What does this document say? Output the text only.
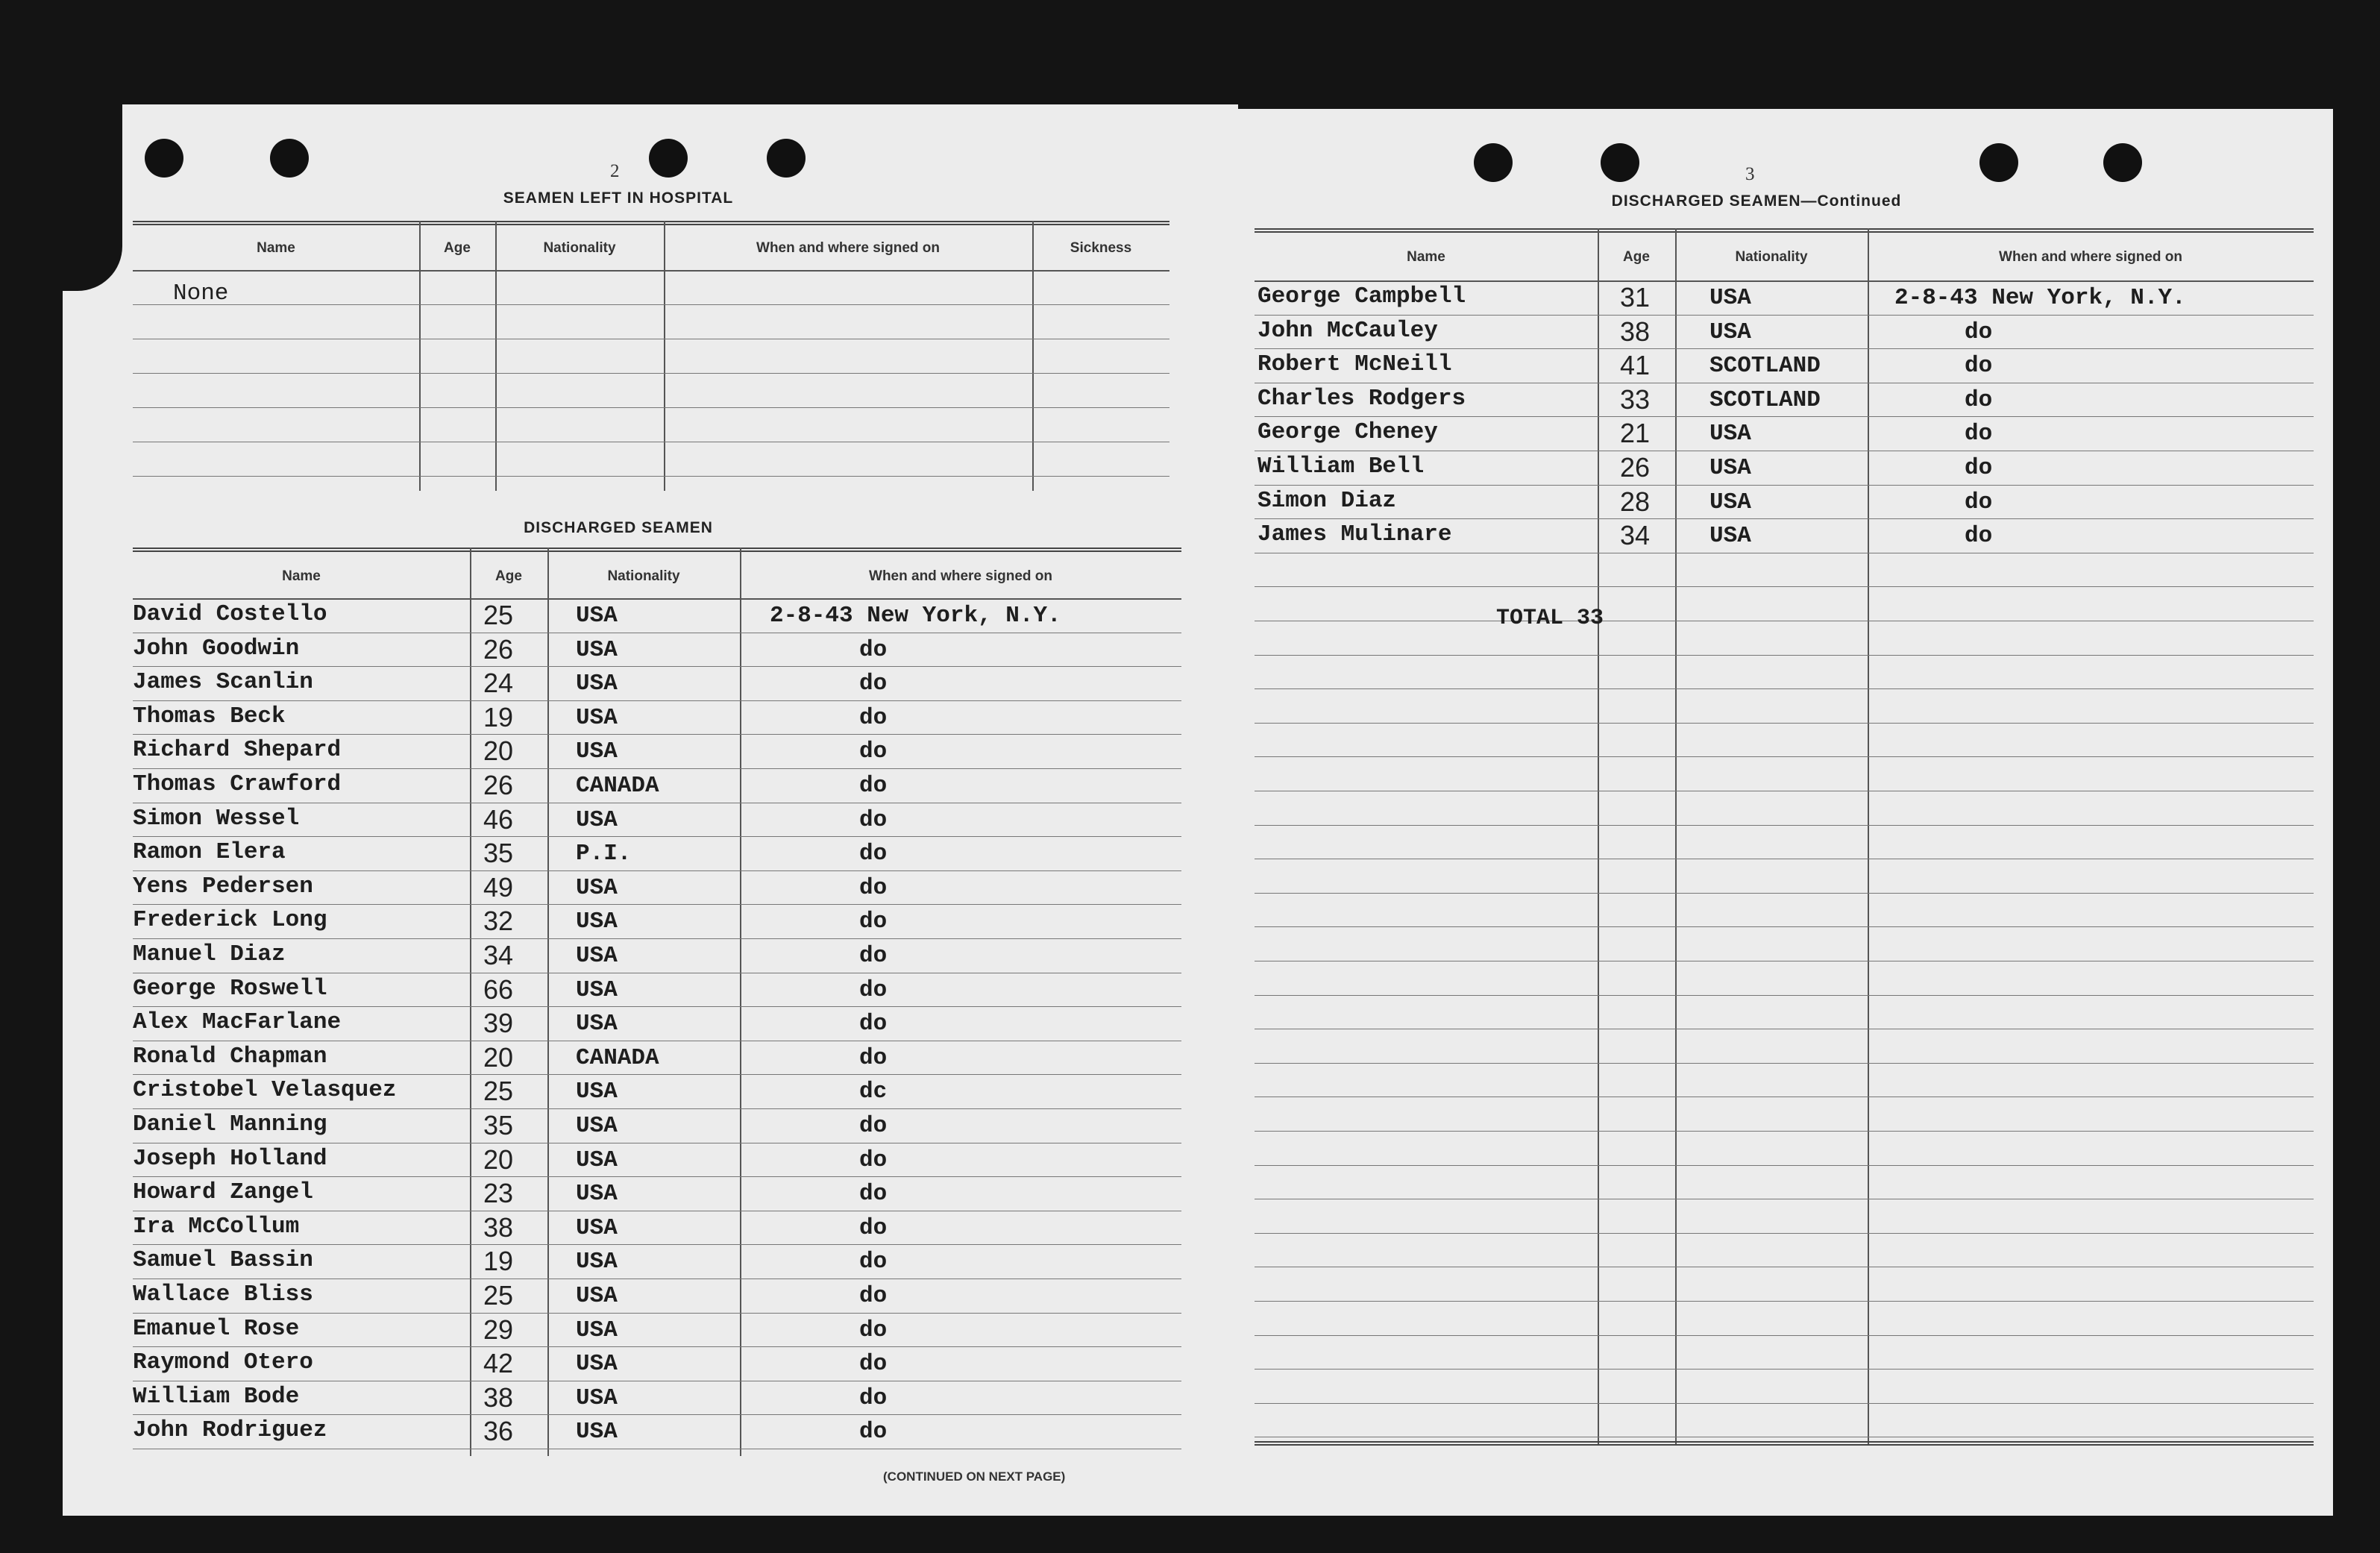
2
SEAMEN LEFT IN HOSPITAL
Name	Age	Nationality	When and where signed on	Sickness
None
DISCHARGED SEAMEN
Name	Age	Nationality	When and where signed on
David Costello	25	USA	2-8-43 New York, N.Y.
John Goodwin	26	USA	do
James Scanlin	24	USA	do
Thomas Beck	19	USA	do
Richard Shepard	20	USA	do
Thomas Crawford	26	CANADA	do
Simon Wessel	46	USA	do
Ramon Elera	35	P.I.	do
Yens Pedersen	49	USA	do
Frederick Long	32	USA	do
Manuel Diaz	34	USA	do
George Roswell	66	USA	do
Alex MacFarlane	39	USA	do
Ronald Chapman	20	CANADA	do
Cristobel Velasquez	25	USA	dc
Daniel Manning	35	USA	do
Joseph Holland	20	USA	do
Howard Zangel	23	USA	do
Ira McCollum	38	USA	do
Samuel Bassin	19	USA	do
Wallace Bliss	25	USA	do
Emanuel Rose	29	USA	do
Raymond Otero	42	USA	do
William Bode	38	USA	do
John Rodriguez	36	USA	do
(CONTINUED ON NEXT PAGE)
3
DISCHARGED SEAMEN—Continued
Name	Age	Nationality	When and where signed on
George Campbell	31	USA	2-8-43 New York, N.Y.
John McCauley	38	USA	do
Robert McNeill	41	SCOTLAND	do
Charles Rodgers	33	SCOTLAND	do
George Cheney	21	USA	do
William Bell	26	USA	do
Simon Diaz	28	USA	do
James Mulinare	34	USA	do
TOTAL 33
